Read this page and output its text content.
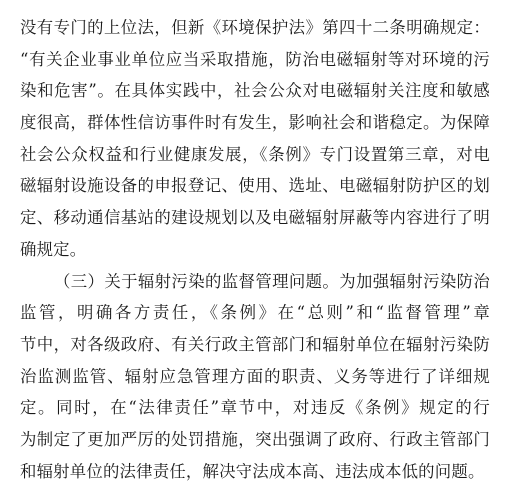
没有专门的上位法，但新《环境保护法》第四十二条明确规定：
“有关企业事业单位应当采取措施，防治电磁辐射等对环境的污
染和危害”。在具体实践中，社会公众对电磁辐射关注度和敏感
度很高，群体性信访事件时有发生，影响社会和谐稳定。为保障
社会公众权益和行业健康发展，《条例》专门设置第三章，对电
磁辐射设施设备的申报登记、使用、选址、电磁辐射防护区的划
定、移动通信基站的建设规划以及电磁辐射屏蔽等内容进行了明
确规定。
（三）关于辐射污染的监督管理问题。为加强辐射污染防治
监管，明确各方责任，《条例》在“总则”和“监督管理”章
节中，对各级政府、有关行政主管部门和辐射单位在辐射污染防
治监测监管、辐射应急管理方面的职责、义务等进行了详细规
定。同时，在“法律责任”章节中，对违反《条例》规定的行
为制定了更加严厉的处罚措施，突出强调了政府、行政主管部门
和辐射单位的法律责任，解决守法成本高、违法成本低的问题。
